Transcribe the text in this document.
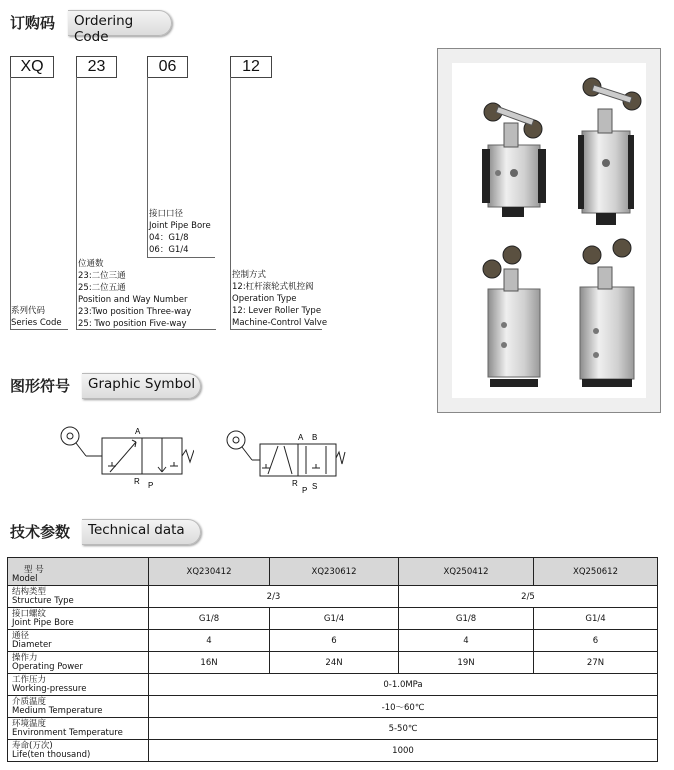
订购码 Ordering Code
XQ	23	06	12
系列代码
Series Code
位通数
23:二位三通
25:二位五通
Position and Way Number
23:Two position Three-way
25: Two position Five-way
接口口径
Joint Pipe Bore
04：G1/8
06：G1/4
控制方式
12:杠杆滚轮式机控阀
Operation Type
12: Lever Roller Type
Machine-Control Valve
图形符号 Graphic Symbol
A
R P
A B
R
P S
技术参数 Technical data
型 号
Model	XQ230412	XQ230612	XQ250412	XQ250612

结构类型
Structure Type	2/3		2/5	

接口螺纹
Joint Pipe Bore	G1/8	G1/4	G1/8	G1/4

通径
Diameter	4	6	4	6

操作力
Operating Power	16N	24N	19N	27N

工作压力
Working-pressure	0-1.0MPa			

介质温度
Medium Temperature	-10～60℃			

环境温度
Environment Temperature	5-50℃			

寿命(万次)
Life(ten thousand)	1000			
